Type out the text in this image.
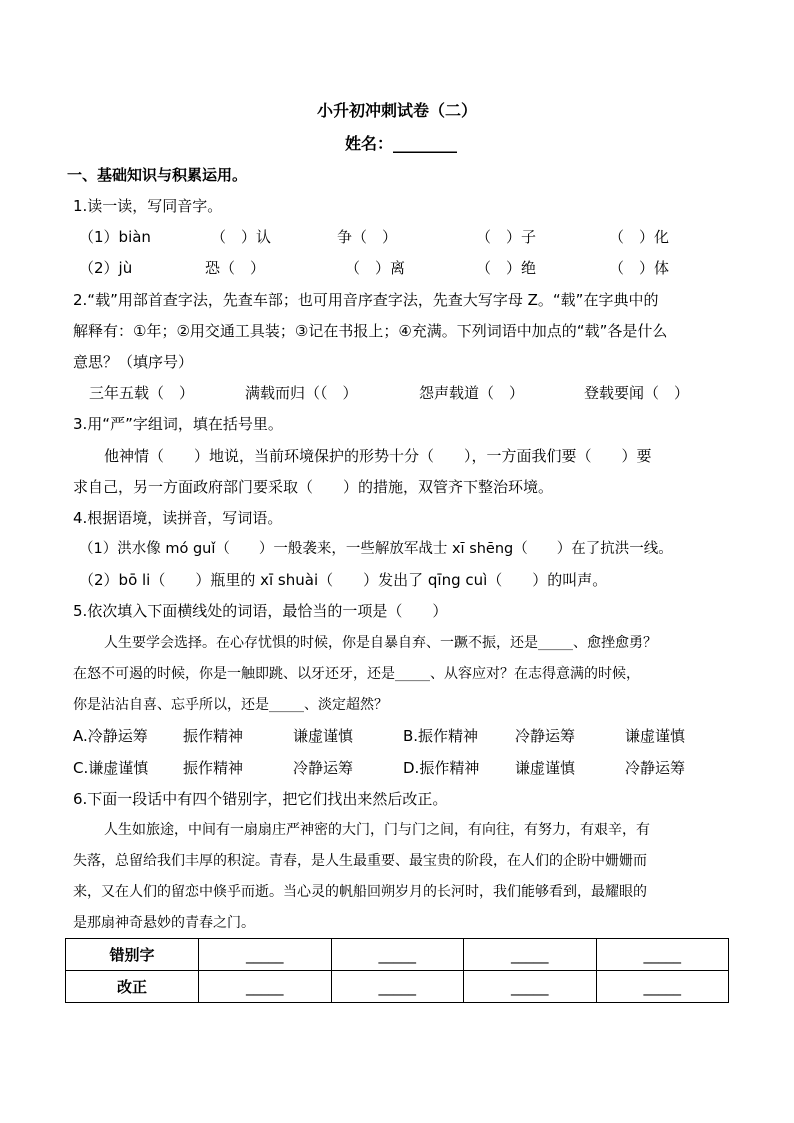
小升初冲刺试卷（二）
姓名：________
一、基础知识与积累运用。
1.读一读，写同音字。
（1）biàn	（　）认	争（　）	（　）子	（　）化
（2）jù	恐（　）	（　）离	（　）绝	（　）体
2.“载”用部首查字法，先查车部；也可用音序查字法，先查大写字母 Z。“载”在字典中的
解释有：①年；②用交通工具装；③记在书报上；④充满。下列词语中加点的“载”各是什么
意思？（填序号）
三年五载（　）	满载而归（（　）	怨声载道（　）	登载要闻（　）
3.用“严”字组词，填在括号里。
他神情（　　）地说，当前环境保护的形势十分（　　），一方面我们要（　　）要
求自己，另一方面政府部门要采取（　　）的措施，双管齐下整治环境。
4.根据语境，读拼音，写词语。
（1）洪水像 mó guǐ（　　）一般袭来，一些解放军战士 xī shēng（　　）在了抗洪一线。
（2）bō li（　　）瓶里的 xī shuài（　　）发出了 qīng cuì（　　）的叫声。
5.依次填入下面横线处的词语，最恰当的一项是（　　）
人生要学会选择。在心存忧惧的时候，你是自暴自弃、一蹶不振，还是_____、愈挫愈勇？
在怒不可遏的时候，你是一触即跳、以牙还牙，还是_____、从容应对？在志得意满的时候，
你是沾沾自喜、忘乎所以，还是_____、淡定超然？
A.冷静运筹 振作精神	谦虚谨慎	B.振作精神 冷静运筹	谦虚谨慎
C.谦虚谨慎 振作精神	冷静运筹	D.振作精神 谦虚谨慎	冷静运筹
6.下面一段话中有四个错别字，把它们找出来然后改正。
人生如旅途，中间有一扇扇庄严神密的大门，门与门之间，有向往，有努力，有艰辛，有
失落，总留给我们丰厚的积淀。青春，是人生最重要、最宝贵的阶段，在人们的企盼中姗姗而
来，又在人们的留恋中倏乎而逝。当心灵的帆船回朔岁月的长河时，我们能够看到，最耀眼的
是那扇神奇悬妙的青春之门。
错别字	_____	_____	_____	_____
改正	_____	_____	_____	_____
